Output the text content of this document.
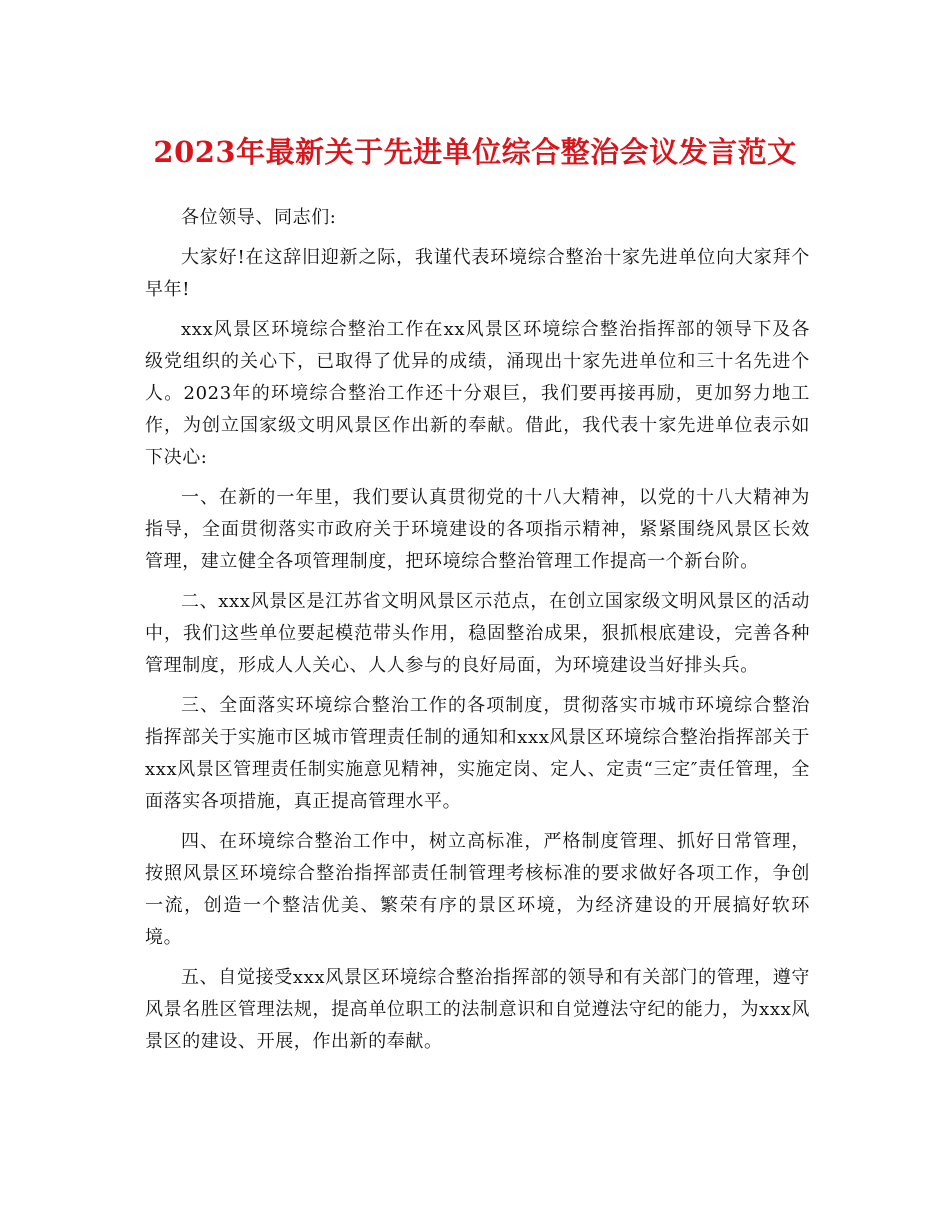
2023年最新关于先进单位综合整治会议发言范文

各位领导、同志们:

大家好!在这辞旧迎新之际，我谨代表环境综合整治十家先进单位向大家拜个早年!

xxx风景区环境综合整治工作在xx风景区环境综合整治指挥部的领导下及各级党组织的关心下，已取得了优异的成绩，涌现出十家先进单位和三十名先进个人。2023年的环境综合整治工作还十分艰巨，我们要再接再励，更加努力地工作，为创立国家级文明风景区作出新的奉献。借此，我代表十家先进单位表示如下决心:

一、在新的一年里，我们要认真贯彻党的十八大精神，以党的十八大精神为指导，全面贯彻落实市政府关于环境建设的各项指示精神，紧紧围绕风景区长效管理，建立健全各项管理制度，把环境综合整治管理工作提高一个新台阶。

二、xxx风景区是江苏省文明风景区示范点，在创立国家级文明风景区的活动中，我们这些单位要起模范带头作用，稳固整治成果，狠抓根底建设，完善各种管理制度，形成人人关心、人人参与的良好局面，为环境建设当好排头兵。

三、全面落实环境综合整治工作的各项制度，贯彻落实市城市环境综合整治指挥部关于实施市区城市管理责任制的通知和xxx风景区环境综合整治指挥部关于xxx风景区管理责任制实施意见精神，实施定岗、定人、定责“三定″责任管理，全面落实各项措施，真正提高管理水平。

四、在环境综合整治工作中，树立高标准，严格制度管理、抓好日常管理，按照风景区环境综合整治指挥部责任制管理考核标准的要求做好各项工作，争创一流，创造一个整洁优美、繁荣有序的景区环境，为经济建设的开展搞好软环境。

五、自觉接受xxx风景区环境综合整治指挥部的领导和有关部门的管理，遵守风景名胜区管理法规，提高单位职工的法制意识和自觉遵法守纪的能力，为xxx风景区的建设、开展，作出新的奉献。
